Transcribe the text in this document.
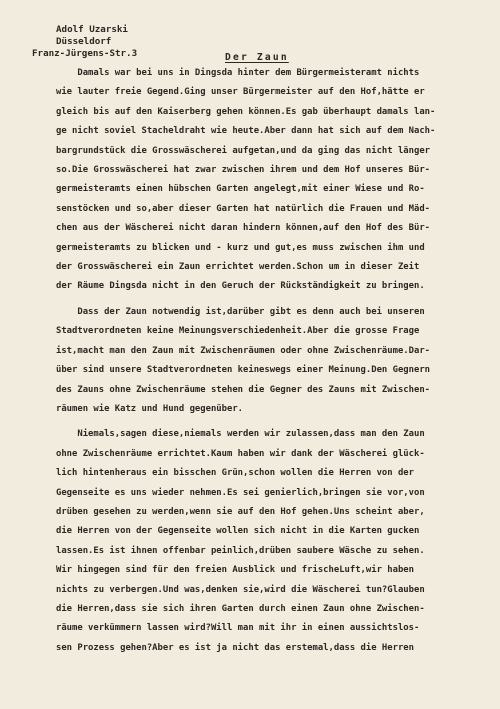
Adolf Uzarski
Düsseldorf
Franz-Jürgens-Str.3	Der Zaun
Damals war bei uns in Dingsda hinter dem Bürgermeisteramt nichts
wie lauter freie Gegend.Ging unser Bürgermeister auf den Hof,hätte er
gleich bis auf den Kaiserberg gehen können.Es gab überhaupt damals lan-
ge nicht soviel Stacheldraht wie heute.Aber dann hat sich auf dem Nach-
bargrundstück die Grosswäscherei aufgetan,und da ging das nicht länger
so.Die Grosswäscherei hat zwar zwischen ihrem und dem Hof unseres Bür-
germeisteramts einen hübschen Garten angelegt,mit einer Wiese und Ro-
senstöcken und so,aber dieser Garten hat natürlich die Frauen und Mäd-
chen aus der Wäscherei nicht daran hindern können,auf den Hof des Bür-
germeisteramts zu blicken und - kurz und gut,es muss zwischen ihm und
der Grosswäscherei ein Zaun errichtet werden.Schon um in dieser Zeit
der Räume Dingsda nicht in den Geruch der Rückständigkeit zu bringen.
Dass der Zaun notwendig ist,darüber gibt es denn auch bei unseren
Stadtverordneten keine Meinungsverschiedenheit.Aber die grosse Frage
ist,macht man den Zaun mit Zwischenräumen oder ohne Zwischenräume.Dar-
über sind unsere Stadtverordneten keineswegs einer Meinung.Den Gegnern
des Zauns ohne Zwischenräume stehen die Gegner des Zauns mit Zwischen-
räumen wie Katz und Hund gegenüber.
Niemals,sagen diese,niemals werden wir zulassen,dass man den Zaun
ohne Zwischenräume errichtet.Kaum haben wir dank der Wäscherei glück-
lich hintenheraus ein bisschen Grün,schon wollen die Herren von der
Gegenseite es uns wieder nehmen.Es sei genierlich,bringen sie vor,von
drüben gesehen zu werden,wenn sie auf den Hof gehen.Uns scheint aber,
die Herren von der Gegenseite wollen sich nicht in die Karten gucken
lassen.Es ist ihnen offenbar peinlich,drüben saubere Wäsche zu sehen.
Wir hingegen sind für den freien Ausblick und frischeLuft,wir haben
nichts zu verbergen.Und was,denken sie,wird die Wäscherei tun?Glauben
die Herren,dass sie sich ihren Garten durch einen Zaun ohne Zwischen-
räume verkümmern lassen wird?Will man mit ihr in einen aussichtslos-
sen Prozess gehen?Aber es ist ja nicht das erstemal,dass die Herren
